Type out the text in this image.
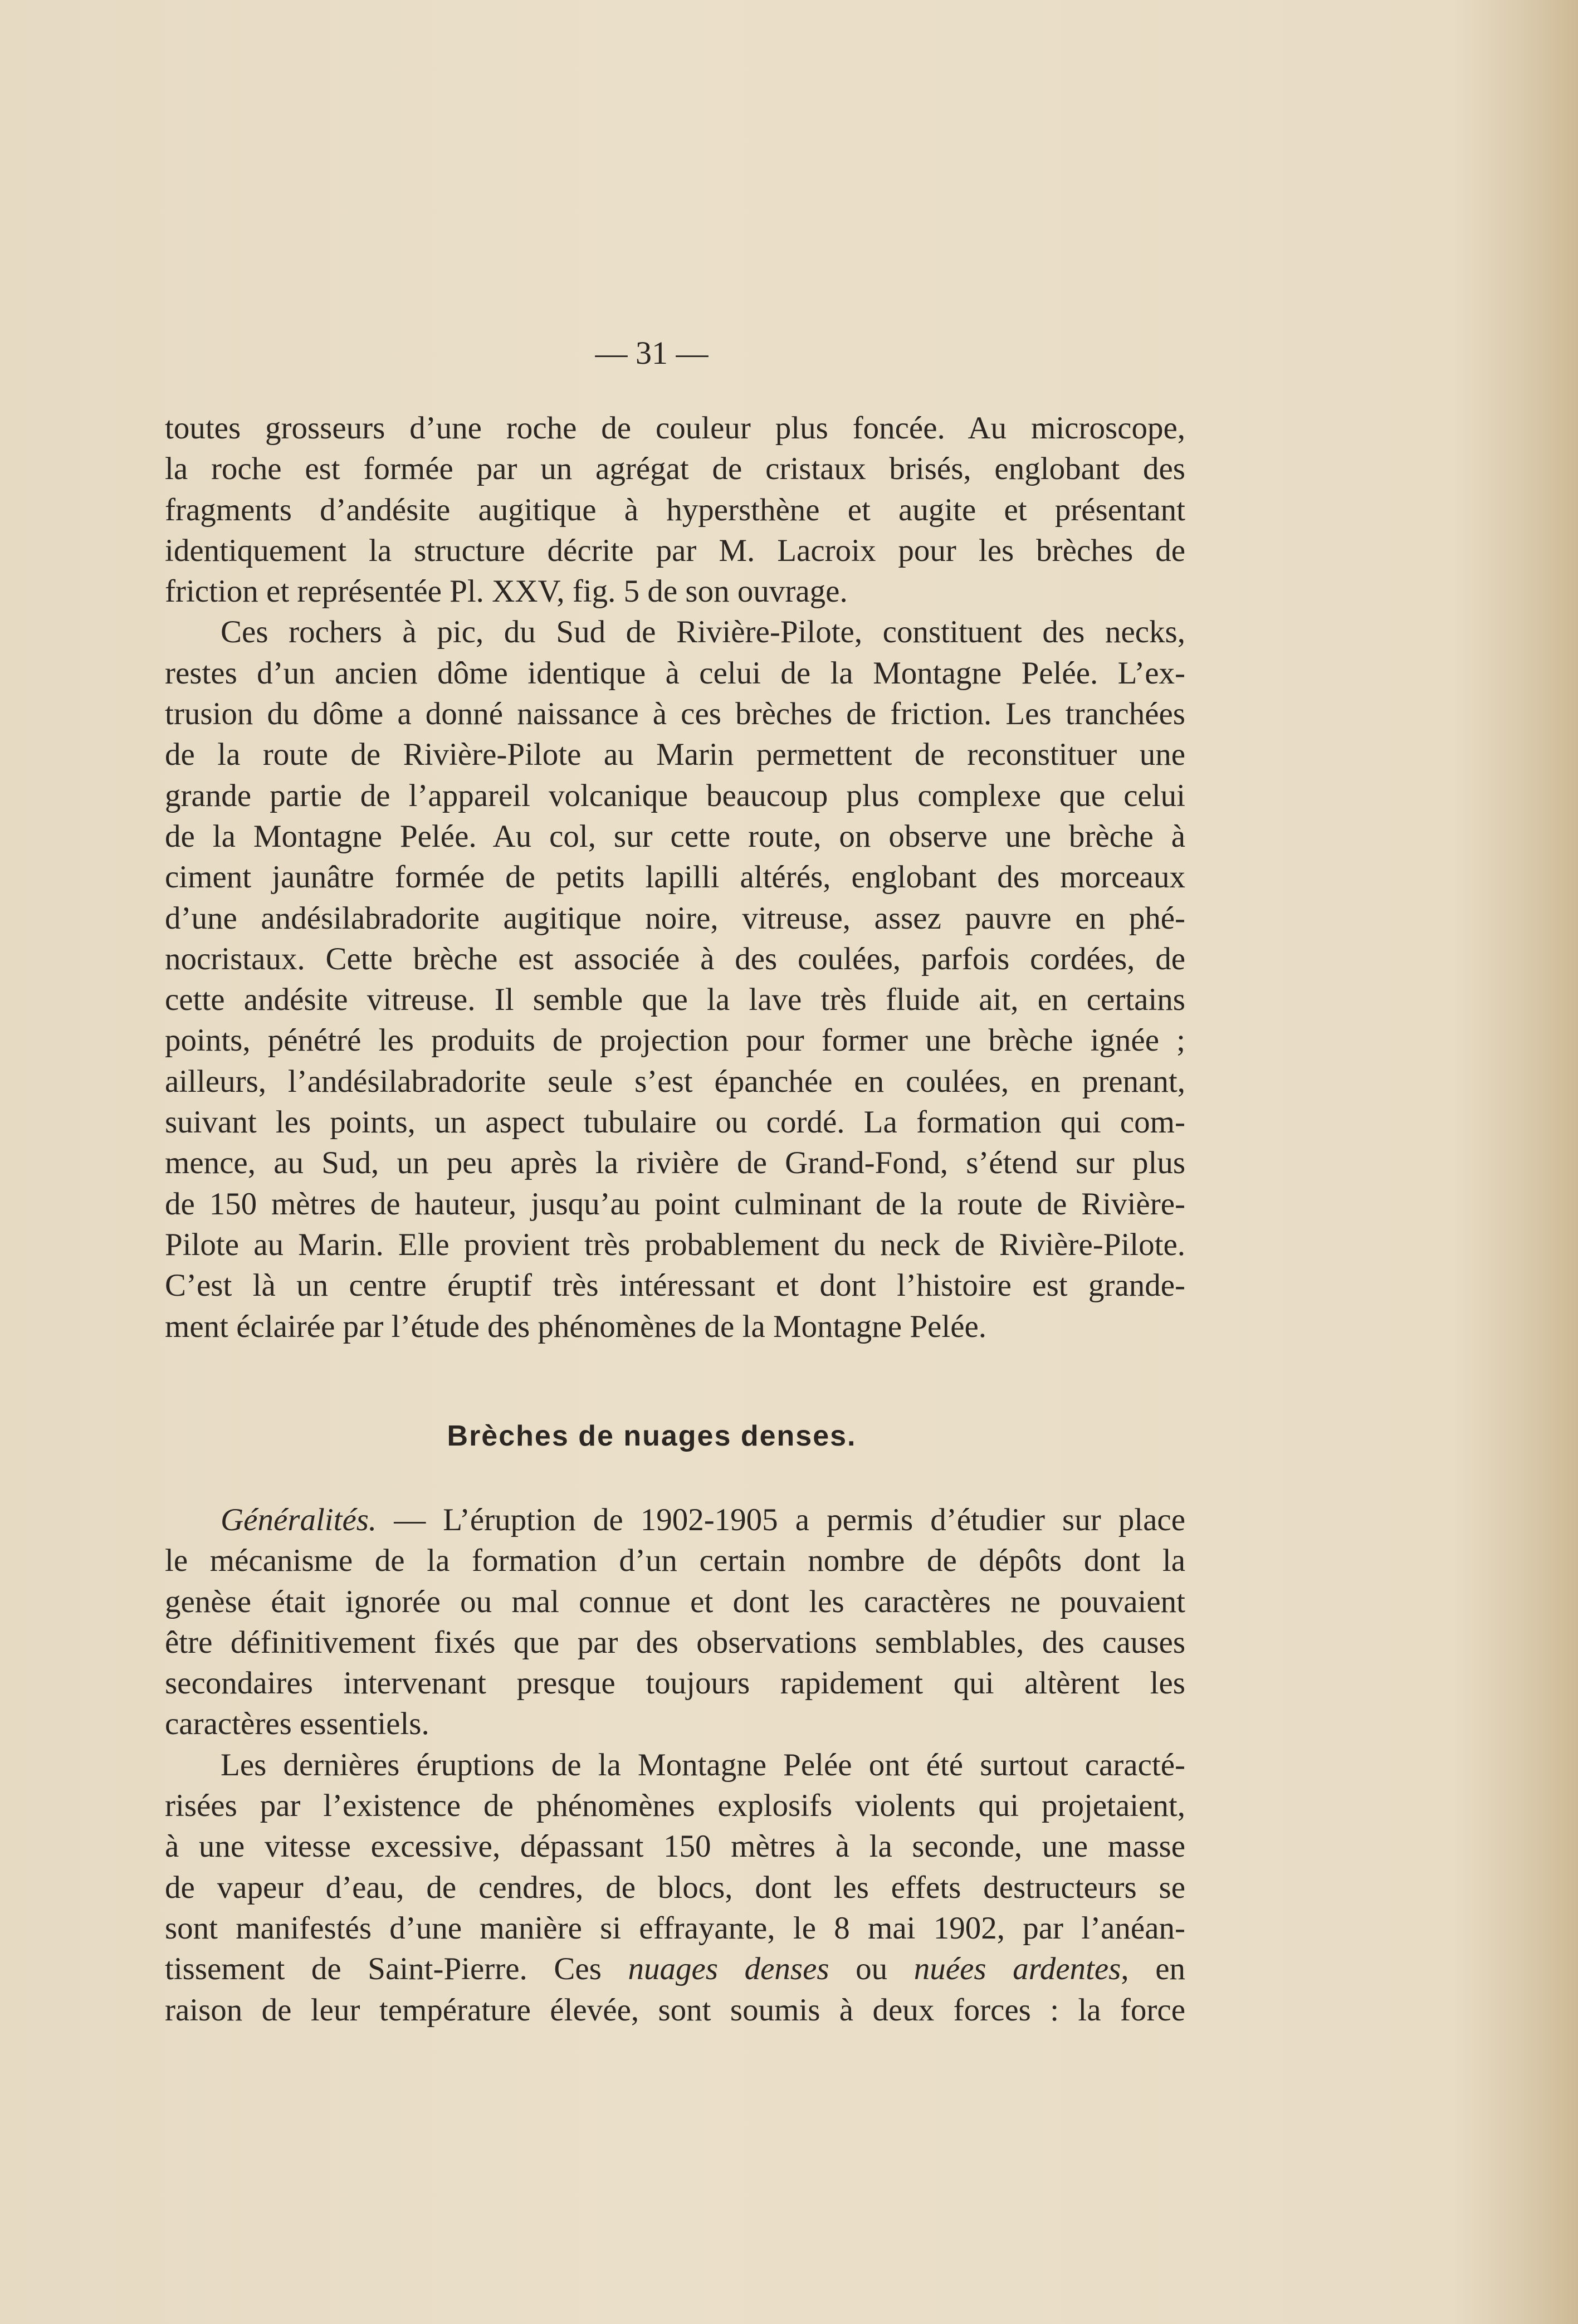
— 31 —
toutes grosseurs d’une roche de couleur plus foncée. Au microscope,
la roche est formée par un agrégat de cristaux brisés, englobant des
fragments d’andésite augitique à hypersthène et augite et présentant
identiquement la structure décrite par M. Lacroix pour les brèches de
friction et représentée Pl. XXV, fig. 5 de son ouvrage.
Ces rochers à pic, du Sud de Rivière-Pilote, constituent des necks,
restes d’un ancien dôme identique à celui de la Montagne Pelée. L’ex-
trusion du dôme a donné naissance à ces brèches de friction. Les tranchées
de la route de Rivière-Pilote au Marin permettent de reconstituer une
grande partie de l’appareil volcanique beaucoup plus complexe que celui
de la Montagne Pelée. Au col, sur cette route, on observe une brèche à
ciment jaunâtre formée de petits lapilli altérés, englobant des morceaux
d’une andésilabradorite augitique noire, vitreuse, assez pauvre en phé-
nocristaux. Cette brèche est associée à des coulées, parfois cordées, de
cette andésite vitreuse. Il semble que la lave très fluide ait, en certains
points, pénétré les produits de projection pour former une brèche ignée ;
ailleurs, l’andésilabradorite seule s’est épanchée en coulées, en prenant,
suivant les points, un aspect tubulaire ou cordé. La formation qui com-
mence, au Sud, un peu après la rivière de Grand-Fond, s’étend sur plus
de 150 mètres de hauteur, jusqu’au point culminant de la route de Rivière-
Pilote au Marin. Elle provient très probablement du neck de Rivière-Pilote.
C’est là un centre éruptif très intéressant et dont l’histoire est grande-
ment éclairée par l’étude des phénomènes de la Montagne Pelée.
Brèches de nuages denses.
Généralités. — L’éruption de 1902-1905 a permis d’étudier sur place
le mécanisme de la formation d’un certain nombre de dépôts dont la
genèse était ignorée ou mal connue et dont les caractères ne pouvaient
être définitivement fixés que par des observations semblables, des causes
secondaires intervenant presque toujours rapidement qui altèrent les
caractères essentiels.
Les dernières éruptions de la Montagne Pelée ont été surtout caracté-
risées par l’existence de phénomènes explosifs violents qui projetaient,
à une vitesse excessive, dépassant 150 mètres à la seconde, une masse
de vapeur d’eau, de cendres, de blocs, dont les effets destructeurs se
sont manifestés d’une manière si effrayante, le 8 mai 1902, par l’anéan-
tissement de Saint-Pierre. Ces nuages denses ou nuées ardentes, en
raison de leur température élevée, sont soumis à deux forces : la force
